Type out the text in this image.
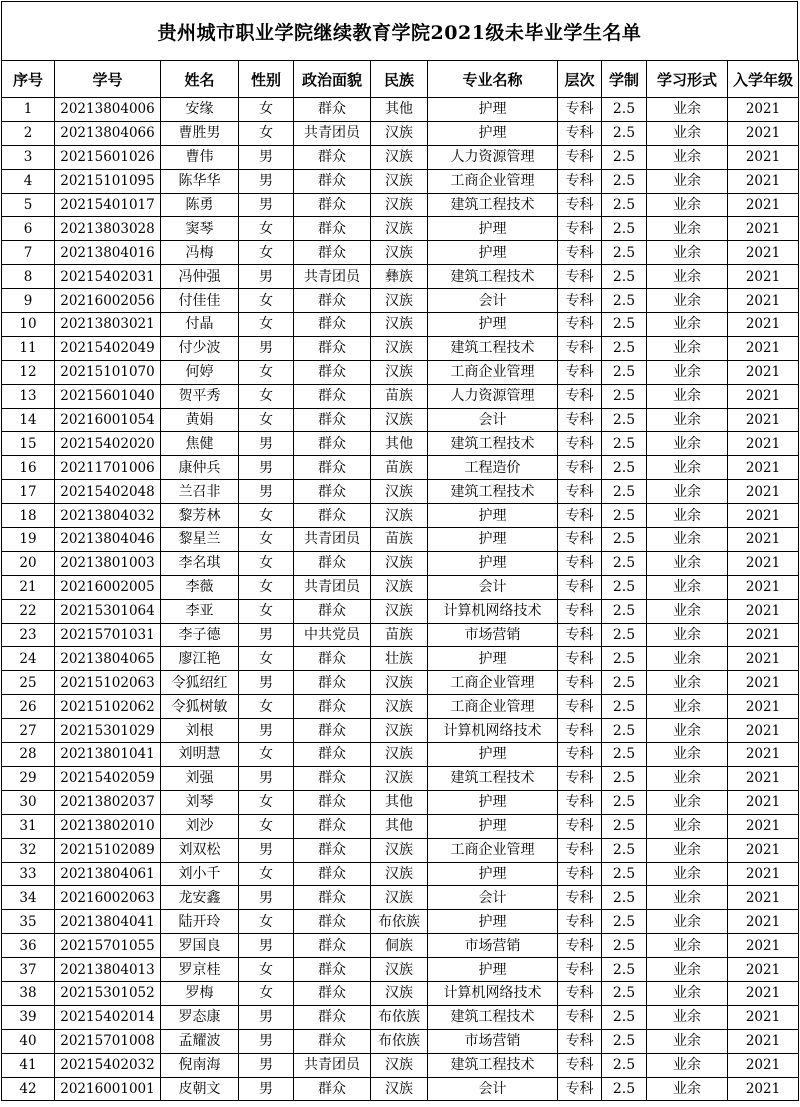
贵州城市职业学院继续教育学院2021级未毕业学生名单
序号	学号	姓名	性别	政治面貌	民族	专业名称	层次	学制	学习形式	入学年级
1	20213804006	安缘	女	群众	其他	护理	专科	2.5	业余	2021
2	20213804066	曹胜男	女	共青团员	汉族	护理	专科	2.5	业余	2021
3	20215601026	曹伟	男	群众	汉族	人力资源管理	专科	2.5	业余	2021
4	20215101095	陈华华	男	群众	汉族	工商企业管理	专科	2.5	业余	2021
5	20215401017	陈勇	男	群众	汉族	建筑工程技术	专科	2.5	业余	2021
6	20213803028	窦琴	女	群众	汉族	护理	专科	2.5	业余	2021
7	20213804016	冯梅	女	群众	汉族	护理	专科	2.5	业余	2021
8	20215402031	冯仲强	男	共青团员	彝族	建筑工程技术	专科	2.5	业余	2021
9	20216002056	付佳佳	女	群众	汉族	会计	专科	2.5	业余	2021
10	20213803021	付晶	女	群众	汉族	护理	专科	2.5	业余	2021
11	20215402049	付少波	男	群众	汉族	建筑工程技术	专科	2.5	业余	2021
12	20215101070	何婷	女	群众	汉族	工商企业管理	专科	2.5	业余	2021
13	20215601040	贺平秀	女	群众	苗族	人力资源管理	专科	2.5	业余	2021
14	20216001054	黄娟	女	群众	汉族	会计	专科	2.5	业余	2021
15	20215402020	焦健	男	群众	其他	建筑工程技术	专科	2.5	业余	2021
16	20211701006	康仲兵	男	群众	苗族	工程造价	专科	2.5	业余	2021
17	20215402048	兰召非	男	群众	汉族	建筑工程技术	专科	2.5	业余	2021
18	20213804032	黎芳林	女	群众	汉族	护理	专科	2.5	业余	2021
19	20213804046	黎星兰	女	共青团员	苗族	护理	专科	2.5	业余	2021
20	20213801003	李名琪	女	群众	汉族	护理	专科	2.5	业余	2021
21	20216002005	李薇	女	共青团员	汉族	会计	专科	2.5	业余	2021
22	20215301064	李亚	女	群众	汉族	计算机网络技术	专科	2.5	业余	2021
23	20215701031	李子德	男	中共党员	苗族	市场营销	专科	2.5	业余	2021
24	20213804065	廖江艳	女	群众	壮族	护理	专科	2.5	业余	2021
25	20215102063	令狐绍红	男	群众	汉族	工商企业管理	专科	2.5	业余	2021
26	20215102062	令狐树敏	女	群众	汉族	工商企业管理	专科	2.5	业余	2021
27	20215301029	刘根	男	群众	汉族	计算机网络技术	专科	2.5	业余	2021
28	20213801041	刘明慧	女	群众	汉族	护理	专科	2.5	业余	2021
29	20215402059	刘强	男	群众	汉族	建筑工程技术	专科	2.5	业余	2021
30	20213802037	刘琴	女	群众	其他	护理	专科	2.5	业余	2021
31	20213802010	刘沙	女	群众	其他	护理	专科	2.5	业余	2021
32	20215102089	刘双松	男	群众	汉族	工商企业管理	专科	2.5	业余	2021
33	20213804061	刘小千	女	群众	汉族	护理	专科	2.5	业余	2021
34	20216002063	龙安鑫	男	群众	汉族	会计	专科	2.5	业余	2021
35	20213804041	陆开玲	女	群众	布依族	护理	专科	2.5	业余	2021
36	20215701055	罗国良	男	群众	侗族	市场营销	专科	2.5	业余	2021
37	20213804013	罗京桂	女	群众	汉族	护理	专科	2.5	业余	2021
38	20215301052	罗梅	女	群众	汉族	计算机网络技术	专科	2.5	业余	2021
39	20215402014	罗态康	男	群众	布依族	建筑工程技术	专科	2.5	业余	2021
40	20215701008	孟耀波	男	群众	布依族	市场营销	专科	2.5	业余	2021
41	20215402032	倪南海	男	共青团员	汉族	建筑工程技术	专科	2.5	业余	2021
42	20216001001	皮朝文	男	群众	汉族	会计	专科	2.5	业余	2021
